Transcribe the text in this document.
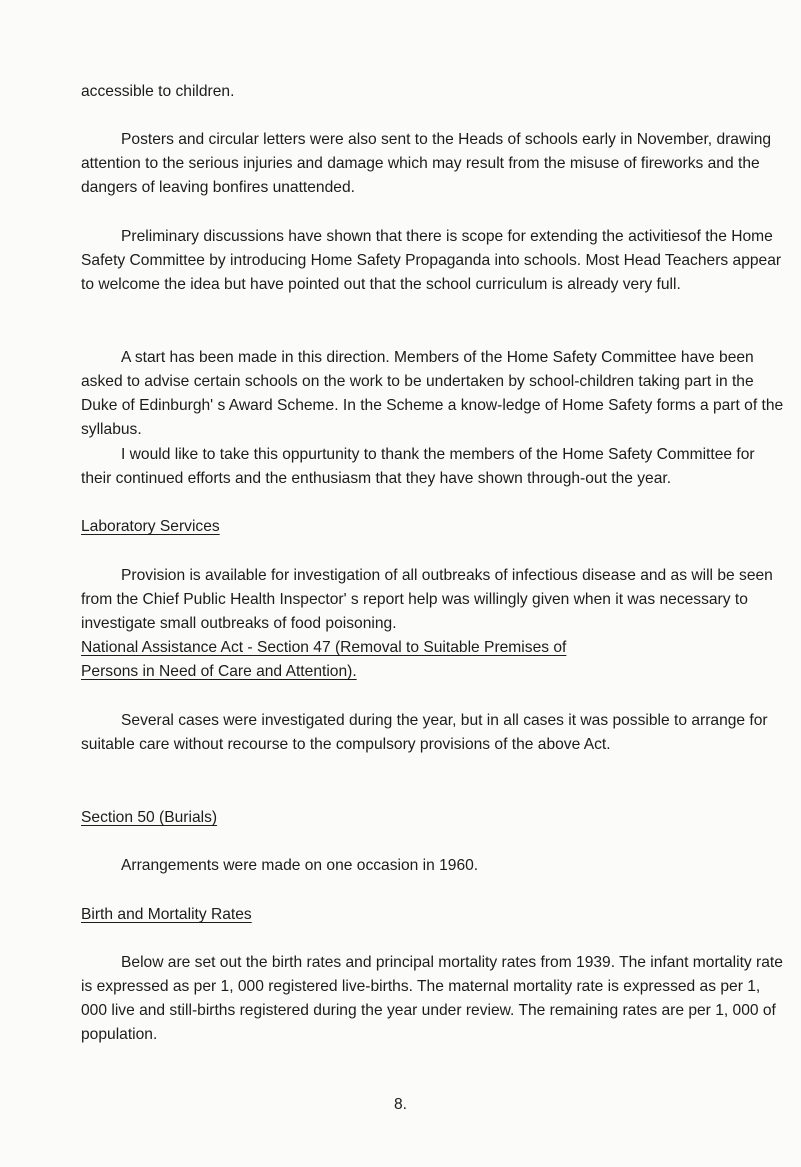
accessible to children.

Posters and circular letters were also sent to the Heads of schools early in November, drawing attention to the serious injuries and damage which may result from the misuse of fireworks and the dangers of leaving bonfires unattended.

Preliminary discussions have shown that there is scope for extending the activitiesof the Home Safety Committee by introducing Home Safety Propaganda into schools. Most Head Teachers appear to welcome the idea but have pointed out that the school curriculum is already very full.

A start has been made in this direction. Members of the Home Safety Committee have been asked to advise certain schools on the work to be undertaken by school-children taking part in the Duke of Edinburgh' s Award Scheme. In the Scheme a know-ledge of Home Safety forms a part of the syllabus.

I would like to take this oppurtunity to thank the members of the Home Safety Committee for their continued efforts and the enthusiasm that they have shown through-out the year.

Laboratory Services

Provision is available for investigation of all outbreaks of infectious disease and as will be seen from the Chief Public Health Inspector' s report help was willingly given when it was necessary to investigate small outbreaks of food poisoning.

National Assistance Act - Section 47 (Removal to Suitable Premises of

Persons in Need of Care and Attention).

Several cases were investigated during the year, but in all cases it was possible to arrange for suitable care without recourse to the compulsory provisions of the above Act.

Section 50 (Burials)

Arrangements were made on one occasion in 1960.

Birth and Mortality Rates

Below are set out the birth rates and principal mortality rates from 1939. The infant mortality rate is expressed as per 1, 000 registered live-births. The maternal mortality rate is expressed as per 1, 000 live and still-births registered during the year under review. The remaining rates are per 1, 000 of population.

8.
